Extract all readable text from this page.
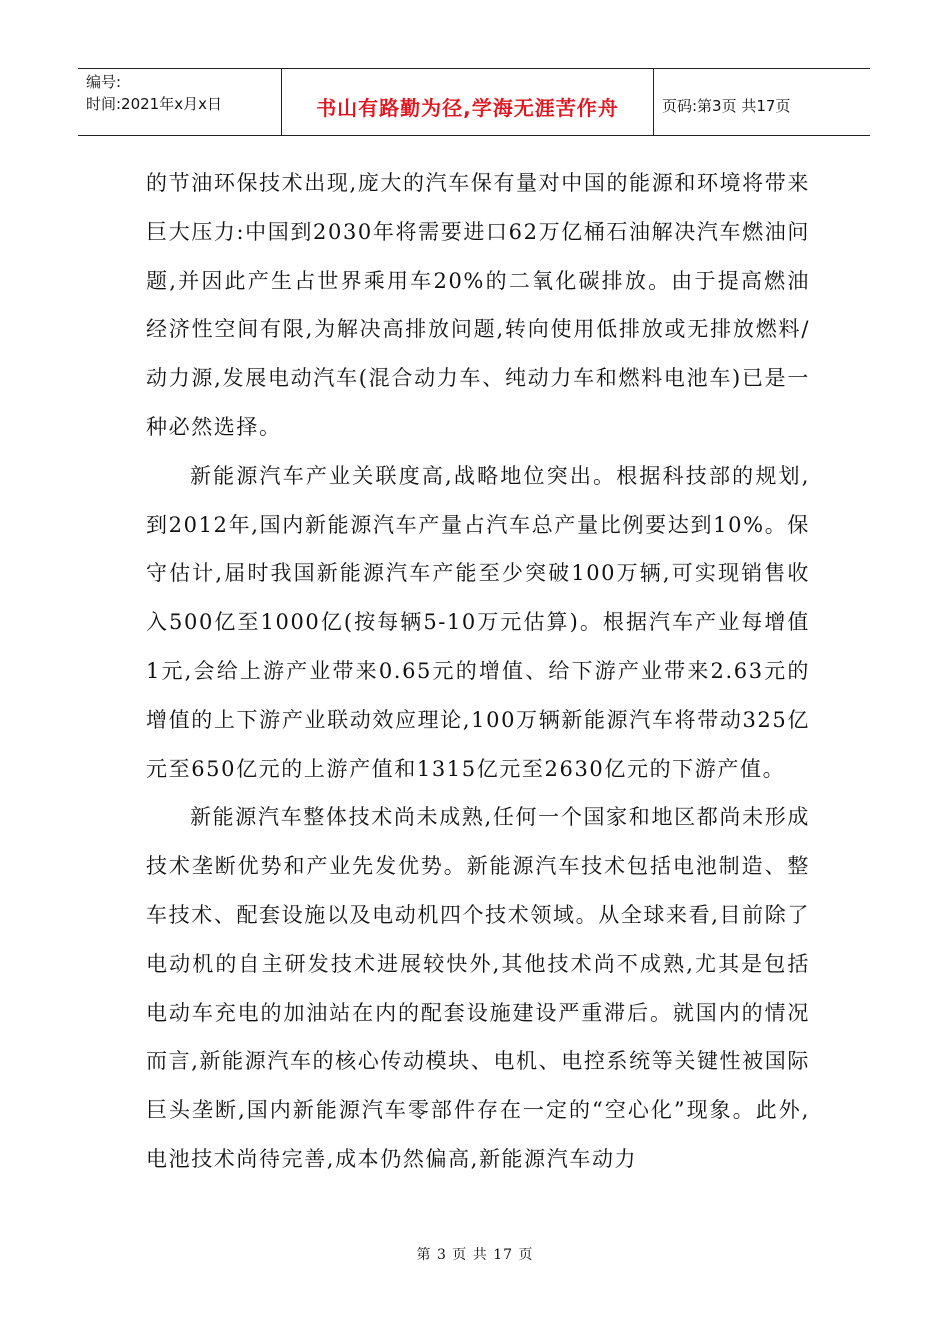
编号:
时间:2021年x月x日	书山有路勤为径,学海无涯苦作舟	页码:第3页 共17页

的节油环保技术出现,庞大的汽车保有量对中国的能源和环境将带来巨大压力:中国到2030年将需要进口62万亿桶石油解决汽车燃油问题,并因此产生占世界乘用车20%的二氧化碳排放。由于提高燃油经济性空间有限,为解决高排放问题,转向使用低排放或无排放燃料/动力源,发展电动汽车(混合动力车、纯动力车和燃料电池车)已是一种必然选择。

新能源汽车产业关联度高,战略地位突出。根据科技部的规划,到2012年,国内新能源汽车产量占汽车总产量比例要达到10%。保守估计,届时我国新能源汽车产能至少突破100万辆,可实现销售收入500亿至1000亿(按每辆5-10万元估算)。根据汽车产业每增值1元,会给上游产业带来0.65元的增值、给下游产业带来2.63元的增值的上下游产业联动效应理论,100万辆新能源汽车将带动325亿元至650亿元的上游产值和1315亿元至2630亿元的下游产值。

新能源汽车整体技术尚未成熟,任何一个国家和地区都尚未形成技术垄断优势和产业先发优势。新能源汽车技术包括电池制造、整车技术、配套设施以及电动机四个技术领域。从全球来看,目前除了电动机的自主研发技术进展较快外,其他技术尚不成熟,尤其是包括电动车充电的加油站在内的配套设施建设严重滞后。就国内的情况而言,新能源汽车的核心传动模块、电机、电控系统等关键性被国际巨头垄断,国内新能源汽车零部件存在一定的“空心化”现象。此外,电池技术尚待完善,成本仍然偏高,新能源汽车动力

第 3 页 共 17 页
